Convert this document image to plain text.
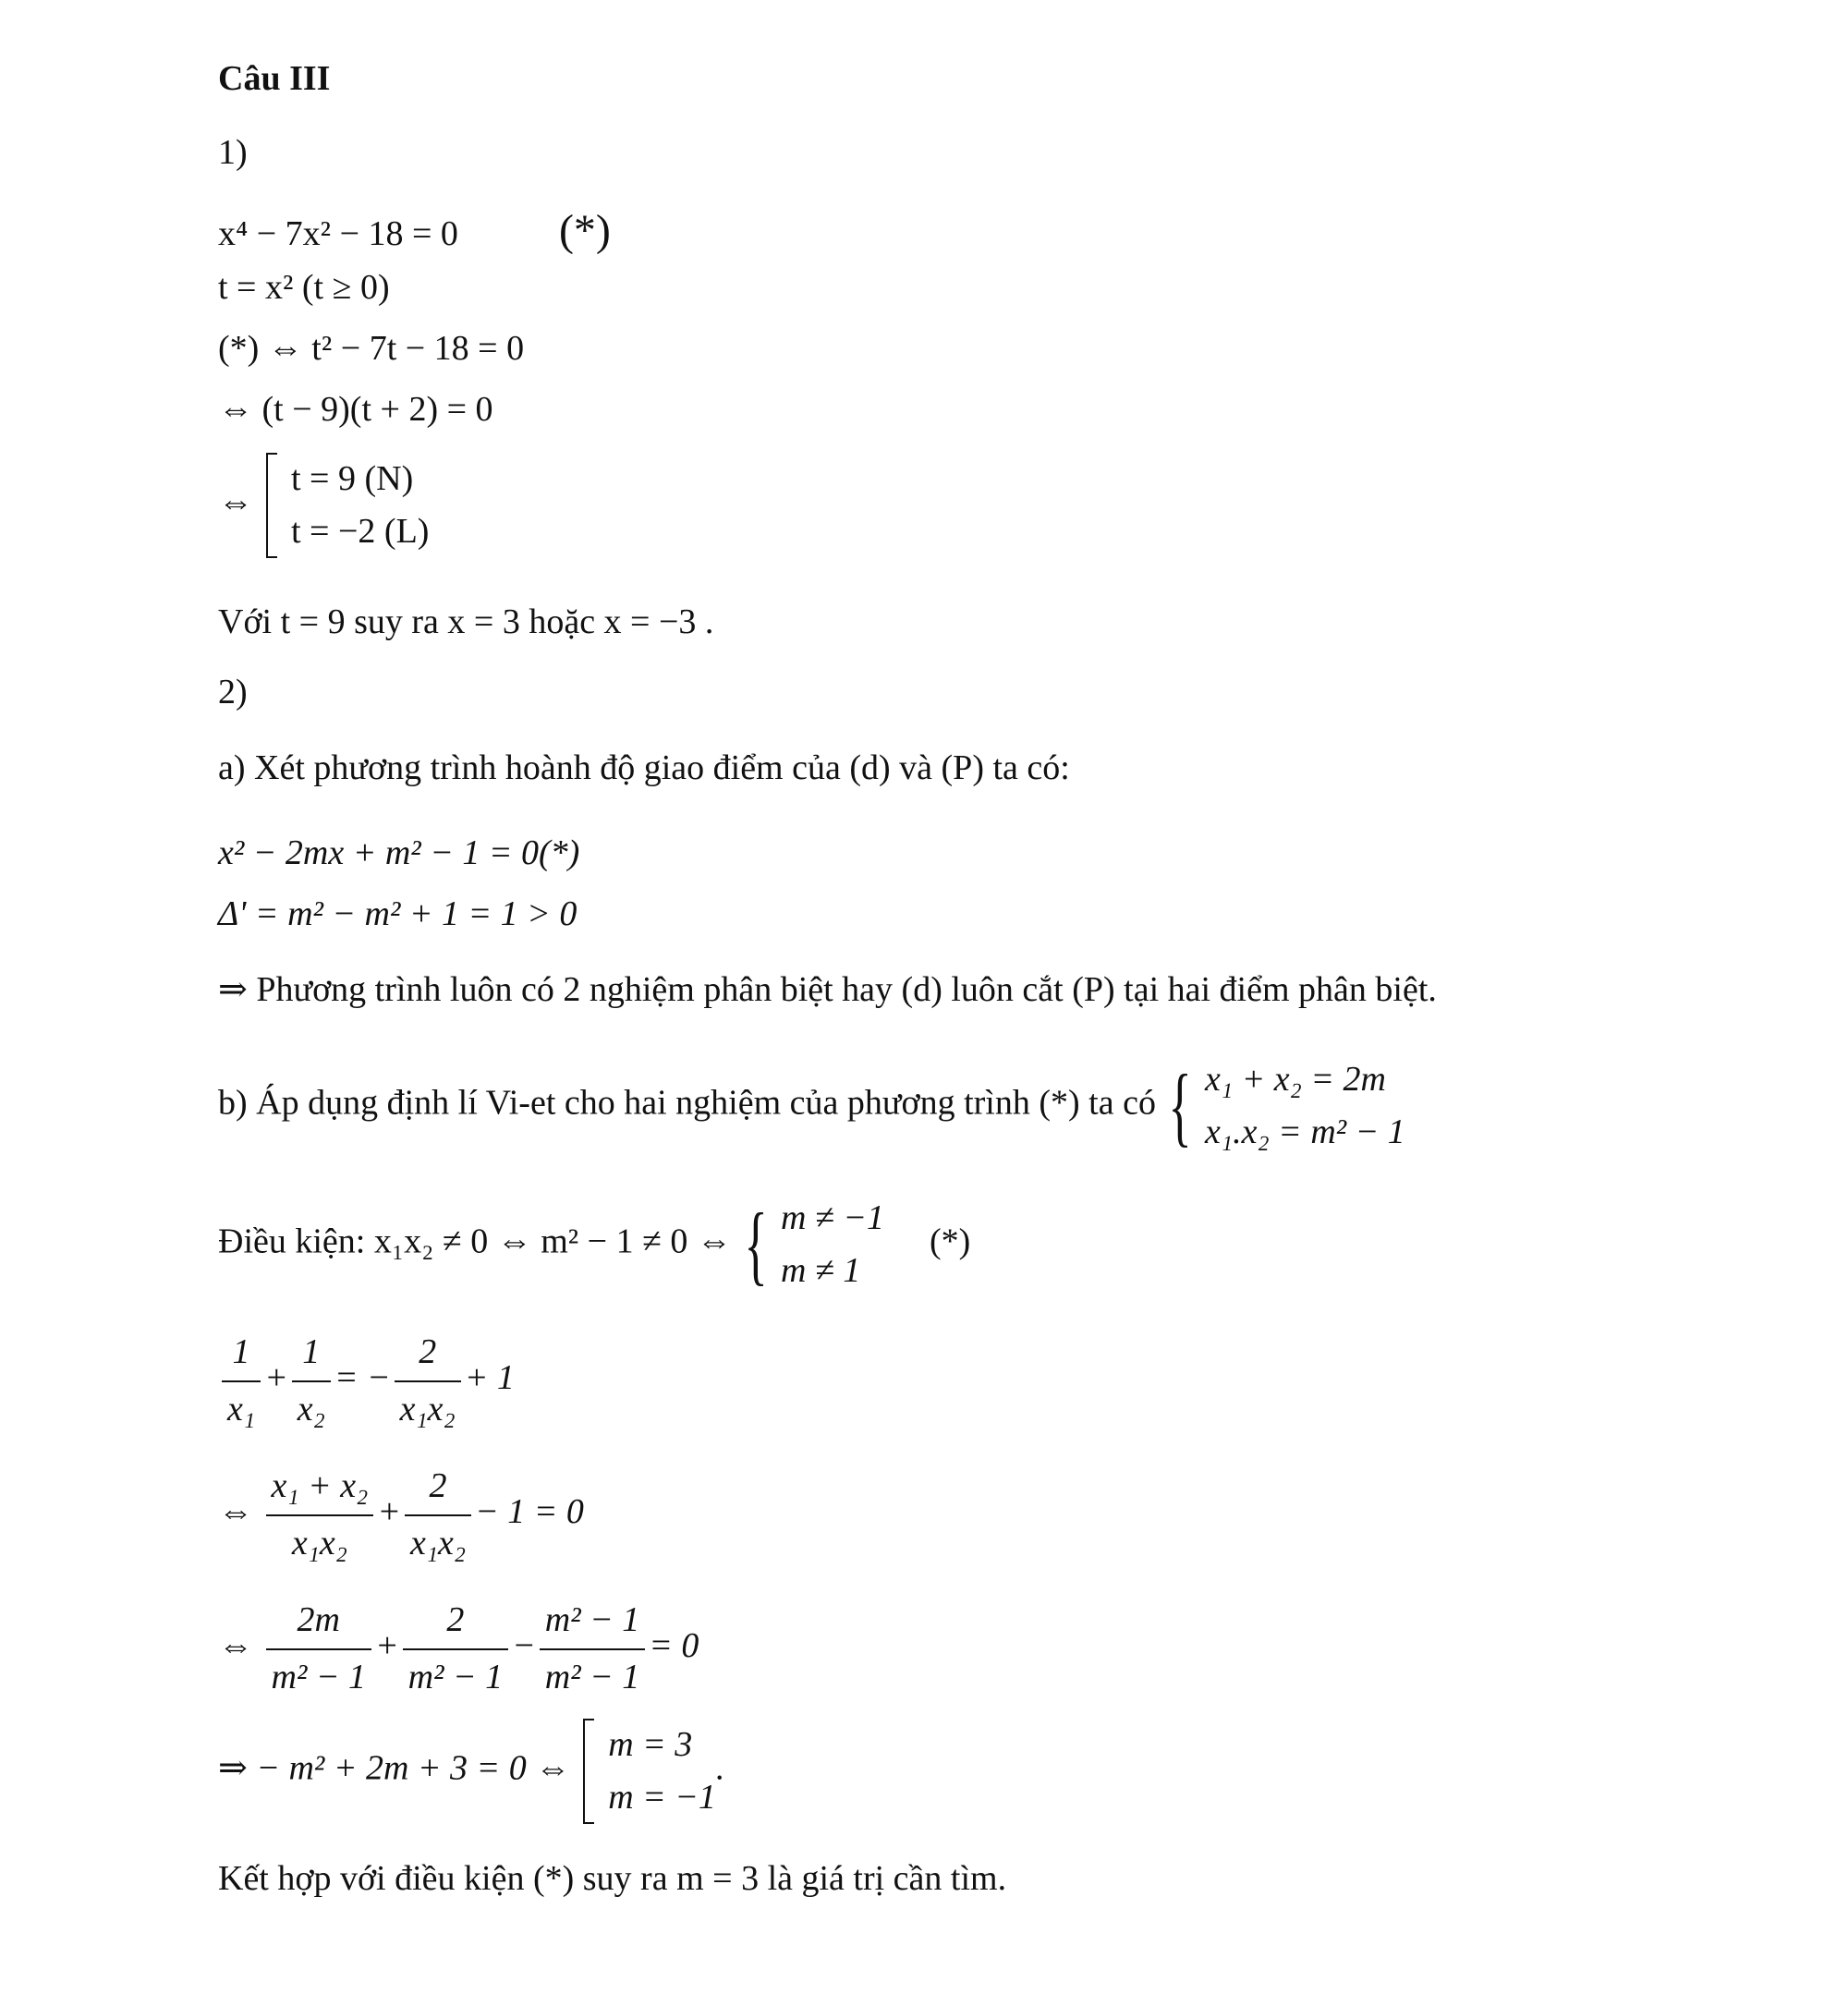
Câu III
1)
x⁴ − 7x² − 18 = 0 (*)
t = x² (t ≥ 0)
(*) ⇔ t² − 7t − 18 = 0
⇔ (t − 9)(t + 2) = 0
⇔
t = 9 (N)
t = −2 (L)
Với t = 9 suy ra x = 3 hoặc x = −3 .
2)
a) Xét phương trình hoành độ giao điểm của (d) và (P) ta có:
x² − 2mx + m² − 1 = 0(*)
Δ' = m² − m² + 1 = 1 > 0
⇒ Phương trình luôn có 2 nghiệm phân biệt hay (d) luôn cắt (P) tại hai điểm phân biệt.
b) Áp dụng định lí Vi-et cho hai nghiệm của phương trình (*) ta có { x₁ + x₂ = 2m
x₁.x₂ = m² − 1
Điều kiện: x₁x₂ ≠ 0 ⇔ m² − 1 ≠ 0 ⇔ { m ≠ −1
m ≠ 1
(*)
$\frac{1}{\text{x₁}} + \frac{1}{\text{x₂}}$ = − $\frac{2}{\text{x₁x₂}} + 1$
⇔ $\frac{\text{x₁ + x₂}}{\text{x₁x₂}} + \frac{2}{\text{x₁x₂}} - 1 = 0$
⇔ $\frac{2m}{\text{m² − 1}} + \frac{2}{\text{m² − 1}} - \frac{\text{m² − 1}}{\text{m² − 1}} = 0$
⇒ − m² + 2m + 3 = 0 ⇔
m = 3
m = −1
.
Kết hợp với điều kiện (*) suy ra m = 3 là giá trị cần tìm.
